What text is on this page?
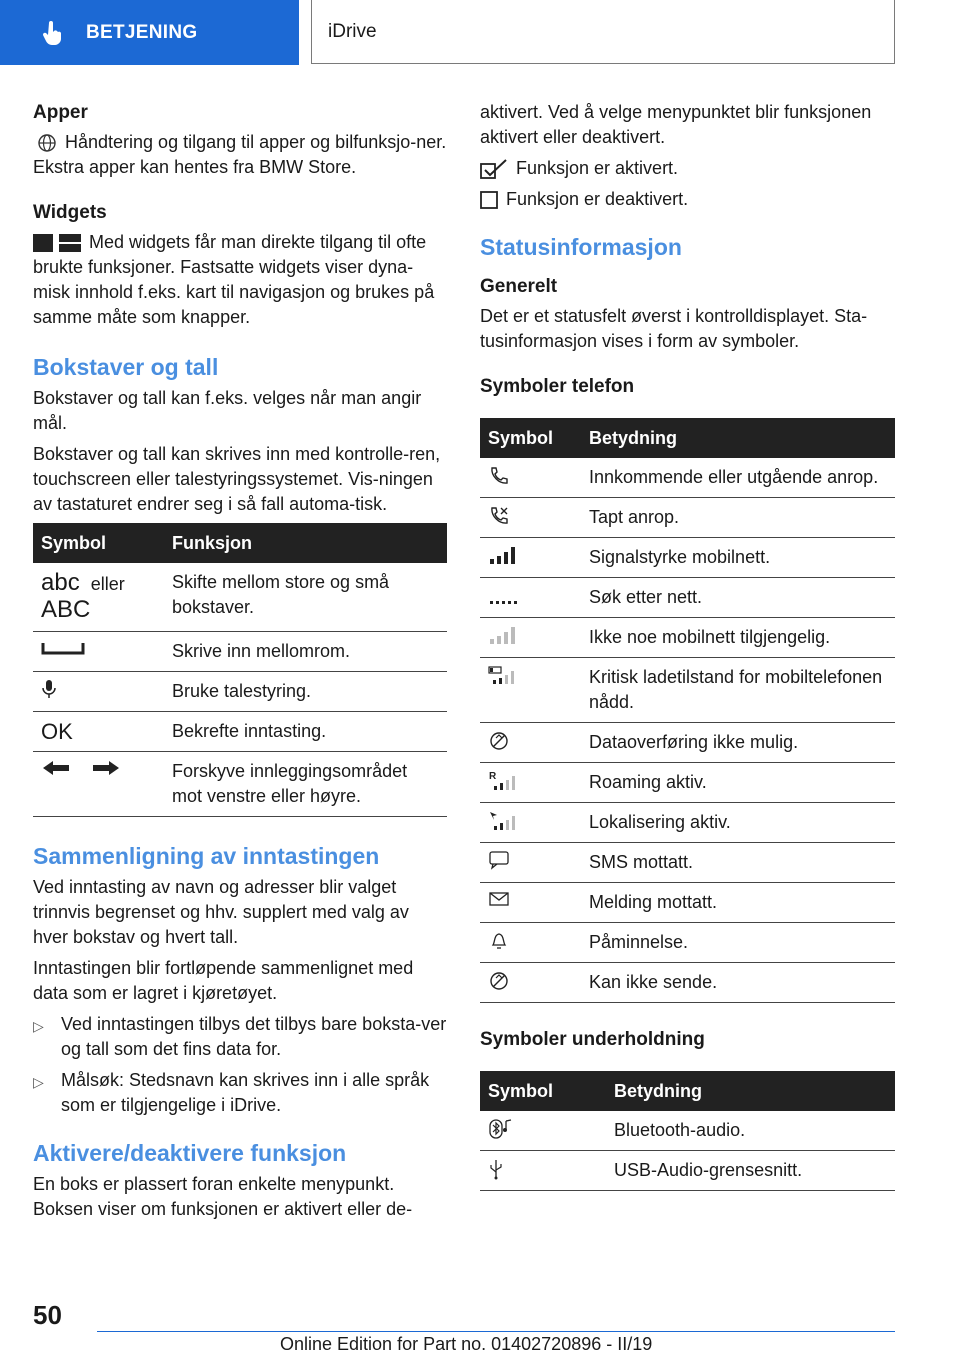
BETJENING	iDrive
Apper

Håndtering og tilgang til apper og bilfunksjo-ner. Ekstra apper kan hentes fra BMW Store.

Widgets

Med widgets får man direkte tilgang til ofte brukte funksjoner. Fastsatte widgets viser dyna-misk innhold f.eks. kart til navigasjon og brukes på samme måte som knapper.

Bokstaver og tall

Bokstaver og tall kan f.eks. velges når man angir mål.

Bokstaver og tall kan skrives inn med kontrolle-ren, touchscreen eller talestyringssystemet. Vis-ningen av tastaturet endrer seg i så fall automa-tisk.

Symbol	Funksjon
abc eller
ABC	Skifte mellom store og små bokstaver.

	Skrive inn mellomrom.

	Bruke talestyring.
OK	Bekrefte inntasting.

	Forskyve innleggingsområdet mot venstre eller høyre.
Sammenligning av inntastingen

Ved inntasting av navn og adresser blir valget trinnvis begrenset og hhv. supplert med valg av hver bokstav og hvert tall.

Inntastingen blir fortløpende sammenlignet med data som er lagret i kjøretøyet.

▷ Ved inntastingen tilbys det tilbys bare boksta-ver og tall som det fins data for.
▷ Målsøk: Stedsnavn kan skrives inn i alle språk som er tilgjengelige i iDrive.
Aktivere/deaktivere funksjon

En boks er plassert foran enkelte menypunkt. Boksen viser om funksjonen er aktivert eller de-

aktivert. Ved å velge menypunktet blir funksjonen aktivert eller deaktivert.

Funksjon er aktivert.

Funksjon er deaktivert.

Statusinformasjon
Generelt

Det er et statusfelt øverst i kontrolldisplayet. Sta-tusinformasjon vises i form av symboler.

Symboler telefon
Symbol	Betydning

	Innkommende eller utgående anrop.

	Tapt anrop.

	Signalstyrke mobilnett.

	Søk etter nett.

	Ikke noe mobilnett tilgjengelig.

	Kritisk ladetilstand for mobiltelefonen nådd.

	Dataoverføring ikke mulig.

R	Roaming aktiv.

	Lokalisering aktiv.

	SMS mottatt.

	Melding mottatt.

	Påminnelse.

	Kan ikke sende.
Symboler underholdning
Symbol	Betydning

	Bluetooth-audio.

	USB-Audio-grensesnitt.
50
Online Edition for Part no. 01402720896 - II/19
